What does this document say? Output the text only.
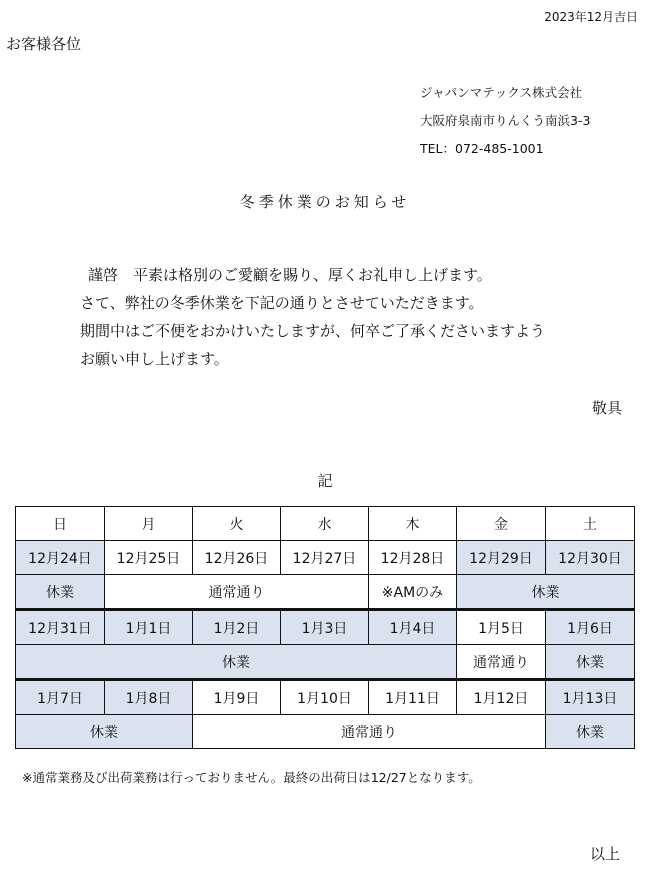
2023年12月吉日
お客様各位
ジャパンマテックス株式会社
大阪府泉南市りんくう南浜3-3
TEL：072-485-1001
冬季休業のお知らせ
謹啓　平素は格別のご愛顧を賜り、厚くお礼申し上げます。
さて、弊社の冬季休業を下記の通りとさせていただきます。
期間中はご不便をおかけいたしますが、何卒ご了承くださいますよう
お願い申し上げます。
敬具
記
日	月	火	水	木	金	土
12月24日	12月25日	12月26日	12月27日	12月28日	12月29日	12月30日
休業	通常通り			※AMのみ	休業	
12月31日	1月1日	1月2日	1月3日	1月4日	1月5日	1月6日
休業					通常通り	休業
1月7日	1月8日	1月9日	1月10日	1月11日	1月12日	1月13日
休業		通常通り				休業
※通常業務及び出荷業務は行っておりません。最終の出荷日は12/27となります。
以上
